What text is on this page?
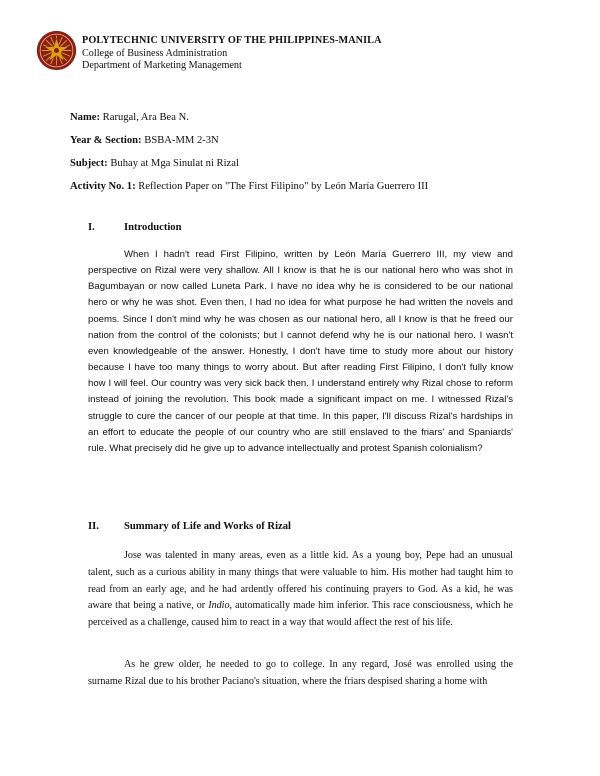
POLYTECHNIC UNIVERSITY OF THE PHILIPPINES-MANILA
College of Business Administration
Department of Marketing Management
Name: Rarugal, Ara Bea N.
Year & Section: BSBA-MM 2-3N
Subject: Buhay at Mga Sinulat ni Rizal
Activity No. 1: Reflection Paper on "The First Filipino" by León María Guerrero III
I.	Introduction

When I hadn't read First Filipino, written by León María Guerrero III, my view and perspective on Rizal were very shallow. All I know is that he is our national hero who was shot in Bagumbayan or now called Luneta Park. I have no idea why he is considered to be our national hero or why he was shot. Even then, I had no idea for what purpose he had written the novels and poems. Since I don't mind why he was chosen as our national hero, all I know is that he freed our nation from the control of the colonists; but I cannot defend why he is our national hero. I wasn't even knowledgeable of the answer. Honestly, I don't have time to study more about our history because I have too many things to worry about. But after reading First Filipino, I don't fully know how I will feel. Our country was very sick back then. I understand entirely why Rizal chose to reform instead of joining the revolution. This book made a significant impact on me. I witnessed Rizal's struggle to cure the cancer of our people at that time. In this paper, I'll discuss Rizal's hardships in an effort to educate the people of our country who are still enslaved to the friars' and Spaniards' rule. What precisely did he give up to advance intellectually and protest Spanish colonialism?

II. Summary of Life and Works of Rizal

Jose was talented in many areas, even as a little kid. As a young boy, Pepe had an unusual talent, such as a curious ability in many things that were valuable to him. His mother had taught him to read from an early age, and he had ardently offered his continuing prayers to God. As a kid, he was aware that being a native, or Indio, automatically made him inferior. This race consciousness, which he perceived as a challenge, caused him to react in a way that would affect the rest of his life.

As he grew older, he needed to go to college. In any regard, José was enrolled using the surname Rizal due to his brother Paciano's situation, where the friars despised sharing a home with
